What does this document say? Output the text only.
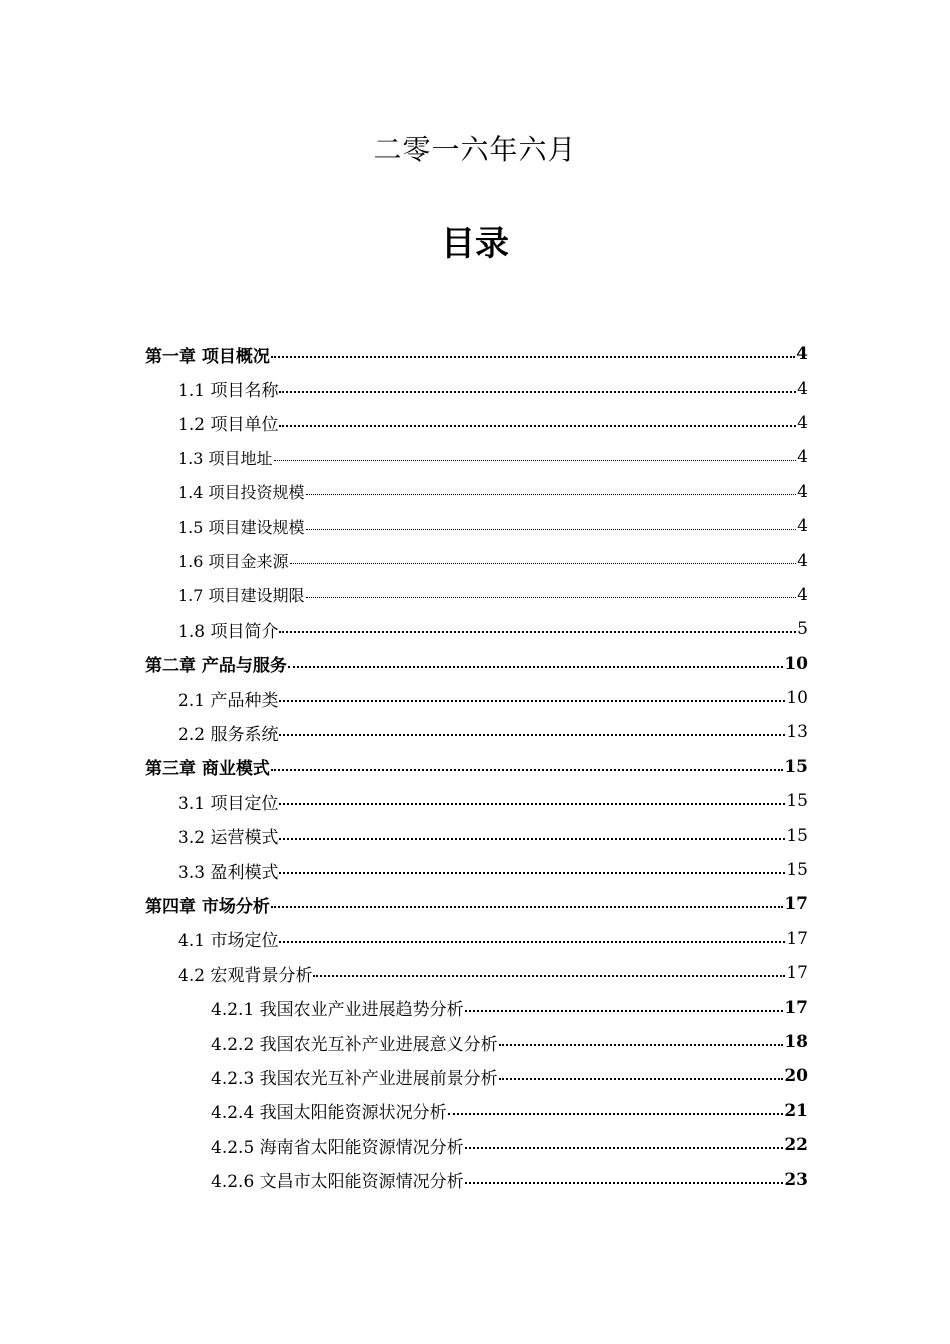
二零一六年六月
目录
第一章 项目概况	4
1.1 项目名称	4
1.2 项目单位	4
1.3 项目地址	4
1.4 项目投资规模	4
1.5 项目建设规模	4
1.6 项目金来源	4
1.7 项目建设期限	4
1.8 项目简介	5
第二章 产品与服务	10
2.1 产品种类	10
2.2 服务系统	13
第三章 商业模式	15
3.1 项目定位	15
3.2 运营模式	15
3.3 盈利模式	15
第四章 市场分析	17
4.1 市场定位	17
4.2 宏观背景分析	17
4.2.1 我国农业产业进展趋势分析	17
4.2.2 我国农光互补产业进展意义分析	18
4.2.3 我国农光互补产业进展前景分析	20
4.2.4 我国太阳能资源状况分析	21
4.2.5 海南省太阳能资源情况分析	22
4.2.6 文昌市太阳能资源情况分析	23
